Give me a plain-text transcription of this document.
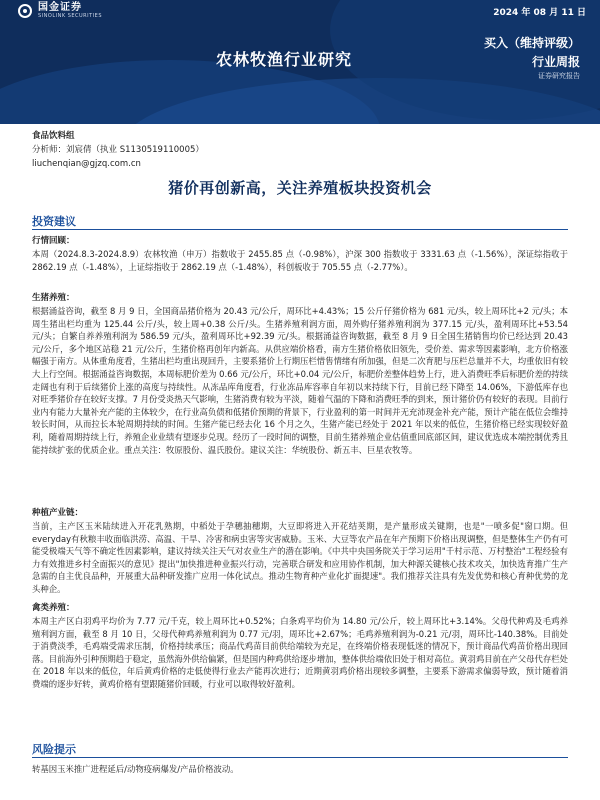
国金证券
SINOLINK SECURITIES	2024 年 08 月 11 日
农林牧渔行业研究
买入（维持评级）
行业周报
证券研究报告
食品饮料组
分析师：刘宸倩（执业 S1130519110005）
liuchenqian@gjzq.com.cn
猪价再创新高，关注养殖板块投资机会
投资建议
行情回顾：
本周（2024.8.3-2024.8.9）农林牧渔（申万）指数收于 2455.85 点（-0.98%），沪深 300 指数收于 3331.63 点（-1.56%），深证综指收于 2862.19 点（-1.48%），上证综指收于 2862.19 点（-1.48%），科创板收于 705.55 点（-2.77%）。
生猪养殖：
根据涌益咨询，截至 8 月 9 日，全国商品猪价格为 20.43 元/公斤，周环比+4.43%；15 公斤仔猪价格为 681 元/头，较上周环比+2 元/头；本周生猪出栏均重为 125.44 公斤/头，较上周+0.38 公斤/头。生猪养殖利润方面，周外购仔猪养殖利润为 377.15 元/头，盈利周环比+53.54 元/头；自繁自养养殖利润为 586.59 元/头，盈利周环比+92.39 元/头。根据涌益咨询数据，截至 8 月 9 日全国生猪销售均价已经达到 20.43 元/公斤，多个地区站稳 21 元/公斤，生猪价格再创年内新高。从供应端价格看，南方生猪价格依旧领先，受价差、需求等因素影响，北方价格涨幅强于南方。从体重角度看，生猪出栏均重出现回升，主要系猪价上行期压栏惜售情绪有所加强，但是二次育肥与压栏总量并不大，均重依旧有较大上行空间。根据涌益咨询数据，本周标肥价差为 0.66 元/公斤，环比+0.04 元/公斤，标肥价差整体趋势上行，进入消费旺季后标肥价差的持续走阔也有利于后续猪价上涨的高度与持续性。从冻品库角度看，行业冻品库容率自年初以来持续下行，目前已经下降至 14.06%，下游低库存也对旺季猪价存在较好支撑。7 月份受炎热天气影响，生猪消费有较为平淡，随着气温的下降和消费旺季的到来，预计猪价仍有较好的表现。目前行业内有能力大量补充产能的主体较少，在行业高负债和低猪价预期的背景下，行业盈利的第一时间并无充沛现金补充产能，预计产能在低位会维持较长时间，从而拉长本轮周期持续的时间。生猪产能已经去化 16 个月之久，生猪产能已经处于 2021 年以来的低位，生猪价格已经实现较好盈利，随着周期持续上行，养殖企业业绩有望逐步兑现。经历了一段时间的调整，目前生猪养殖企业估值重回底部区间，建议优选成本端控制优秀且能持续扩张的优质企业。重点关注：牧原股份、温氏股份。建议关注：华统股份、新五丰、巨星农牧等。
种植产业链：
当前，主产区玉米陆续进入开花乳熟期，中稻处于孕穗抽穗期，大豆即将进入开花结荚期，是产量形成关键期，也是"一喷多促"窗口期。但everyday有秋粮丰收面临洪涝、高温、干旱、冷害和病虫害等灾害威胁。玉米、大豆等农产品在年产预期下价格出现调整，但是整体生产仍有可能受极端天气等不确定性因素影响，建议持续关注天气对农业生产的潜在影响。《中共中央国务院关于学习运用"千村示范、万村整治"工程经验有力有效推进乡村全面振兴的意见》提出"加快推进种业振兴行动，完善联合研发和应用协作机制，加大种源关键核心技术攻关，加快选育推广生产急需的自主优良品种，开展重大品种研发推广应用一体化试点。推动生物育种产业化扩面提速"。我们推荐关注具有先发优势和核心育种优势的龙头种企。
禽类养殖：
本周主产区白羽鸡平均价为 7.77 元/千克，较上周环比+0.52%；白条鸡平均价为 14.80 元/公斤，较上周环比+3.14%。父母代种鸡及毛鸡养殖利润方面，截至 8 月 10 日，父母代种鸡养殖利润为 0.77 元/羽，周环比+2.67%；毛鸡养殖利润为-0.21 元/羽，周环比-140.38%。目前处于消费淡季，毛鸡端受需求压制，价格持续承压；商品代鸡苗目前供给端较为充足，在终端价格表现低迷的情况下，预计商品代鸡苗价格出现回落。目前海外引种预期趋于稳定，虽然海外供给偏紧，但是国内种鸡供给逐步增加，整体供给端依旧处于相对高位。黄羽鸡目前在产父母代存栏处在 2018 年以来的低位，年后黄鸡价格的走低使得行业去产能再次进行；近期黄羽鸡价格出现较多调整，主要系下游需求偏弱导致，预计随着消费端的逐步好转，黄鸡价格有望跟随猪价回暖，行业可以取得较好盈利。
风险提示
转基因玉米推广进程延后/动物疫病爆发/产品价格波动。
